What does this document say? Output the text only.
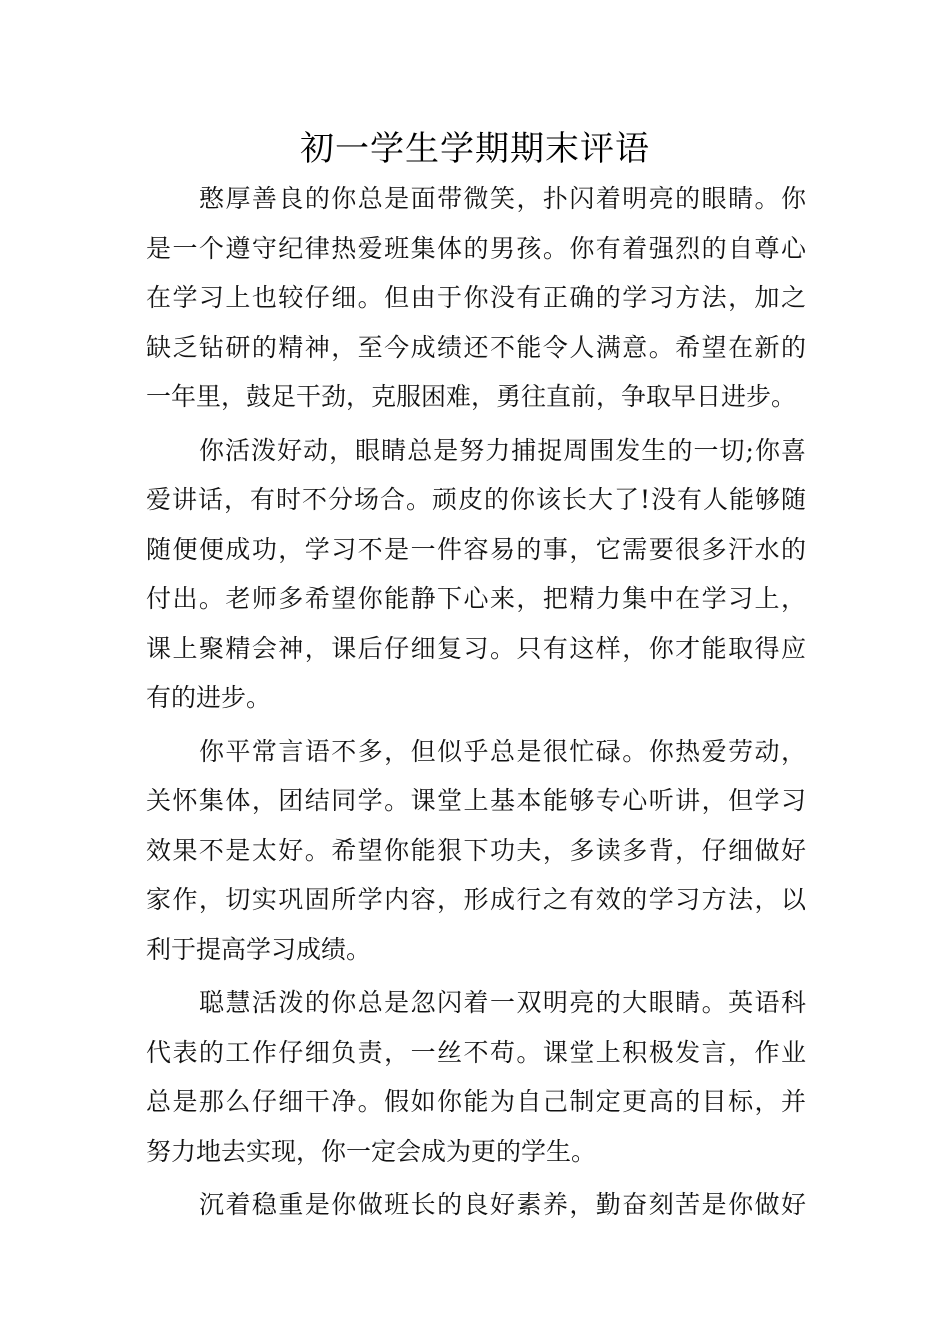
初一学生学期期末评语
憨厚善良的你总是面带微笑，扑闪着明亮的眼睛。你
是一个遵守纪律热爱班集体的男孩。你有着强烈的自尊心
在学习上也较仔细。但由于你没有正确的学习方法，加之
缺乏钻研的精神，至今成绩还不能令人满意。希望在新的
一年里，鼓足干劲，克服困难，勇往直前，争取早日进步。
你活泼好动，眼睛总是努力捕捉周围发生的一切;你喜
爱讲话，有时不分场合。顽皮的你该长大了!没有人能够随
随便便成功，学习不是一件容易的事，它需要很多汗水的
付出。老师多希望你能静下心来，把精力集中在学习上，
课上聚精会神，课后仔细复习。只有这样，你才能取得应
有的进步。
你平常言语不多，但似乎总是很忙碌。你热爱劳动，
关怀集体，团结同学。课堂上基本能够专心听讲，但学习
效果不是太好。希望你能狠下功夫，多读多背，仔细做好
家作，切实巩固所学内容，形成行之有效的学习方法，以
利于提高学习成绩。
聪慧活泼的你总是忽闪着一双明亮的大眼睛。英语科
代表的工作仔细负责，一丝不苟。课堂上积极发言，作业
总是那么仔细干净。假如你能为自己制定更高的目标，并
努力地去实现，你一定会成为更的学生。
沉着稳重是你做班长的良好素养，勤奋刻苦是你做好
